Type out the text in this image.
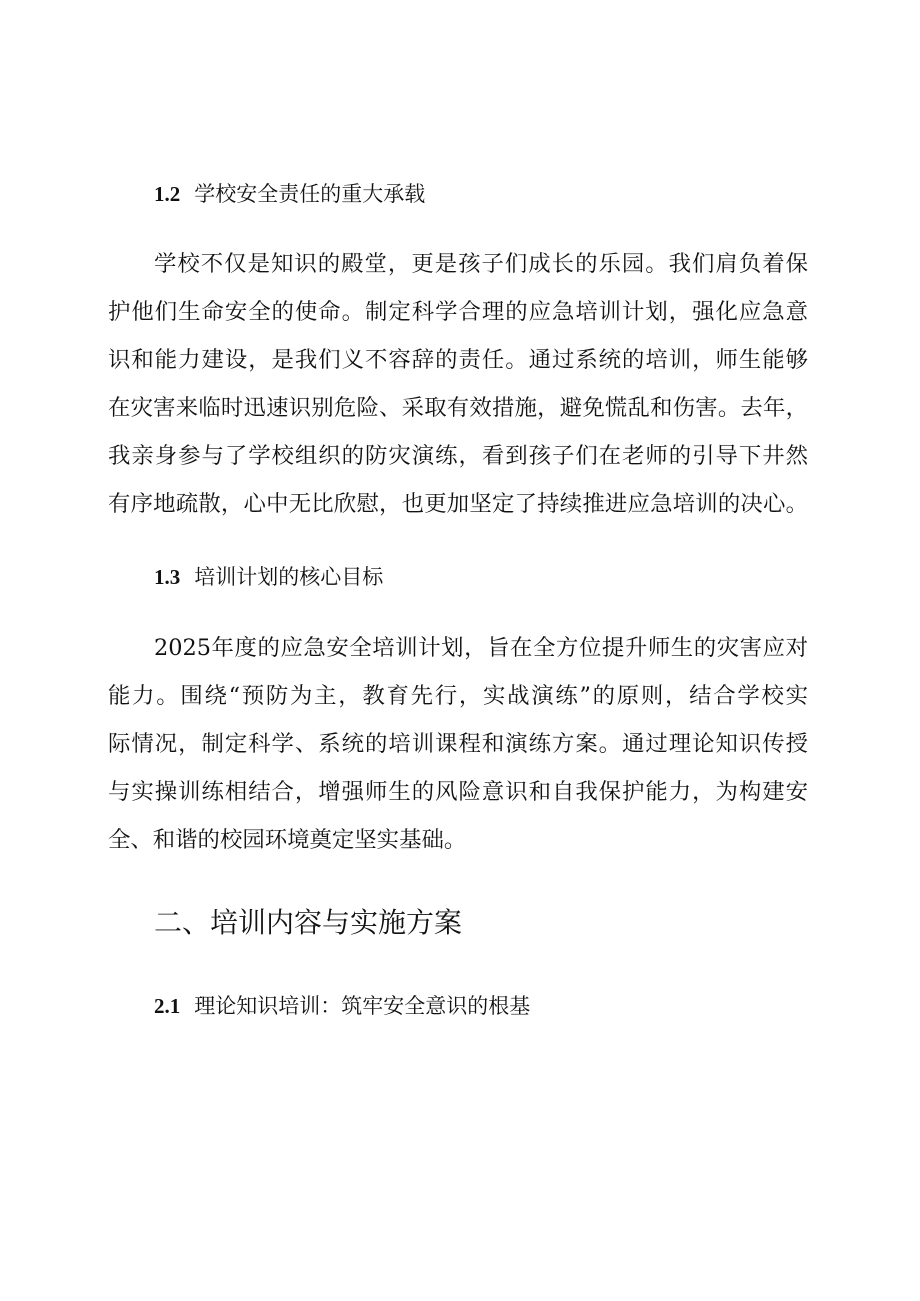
1.2 学校安全责任的重大承载
学校不仅是知识的殿堂，更是孩子们成长的乐园。我们肩负着保
护他们生命安全的使命。制定科学合理的应急培训计划，强化应急意
识和能力建设，是我们义不容辞的责任。通过系统的培训，师生能够
在灾害来临时迅速识别危险、采取有效措施，避免慌乱和伤害。去年，
我亲身参与了学校组织的防灾演练，看到孩子们在老师的引导下井然
有序地疏散，心中无比欣慰，也更加坚定了持续推进应急培训的决心。
1.3 培训计划的核心目标
2025年度的应急安全培训计划，旨在全方位提升师生的灾害应对
能力。围绕“预防为主，教育先行，实战演练”的原则，结合学校实
际情况，制定科学、系统的培训课程和演练方案。通过理论知识传授
与实操训练相结合，增强师生的风险意识和自我保护能力，为构建安
全、和谐的校园环境奠定坚实基础。
二、培训内容与实施方案
2.1 理论知识培训：筑牢安全意识的根基
